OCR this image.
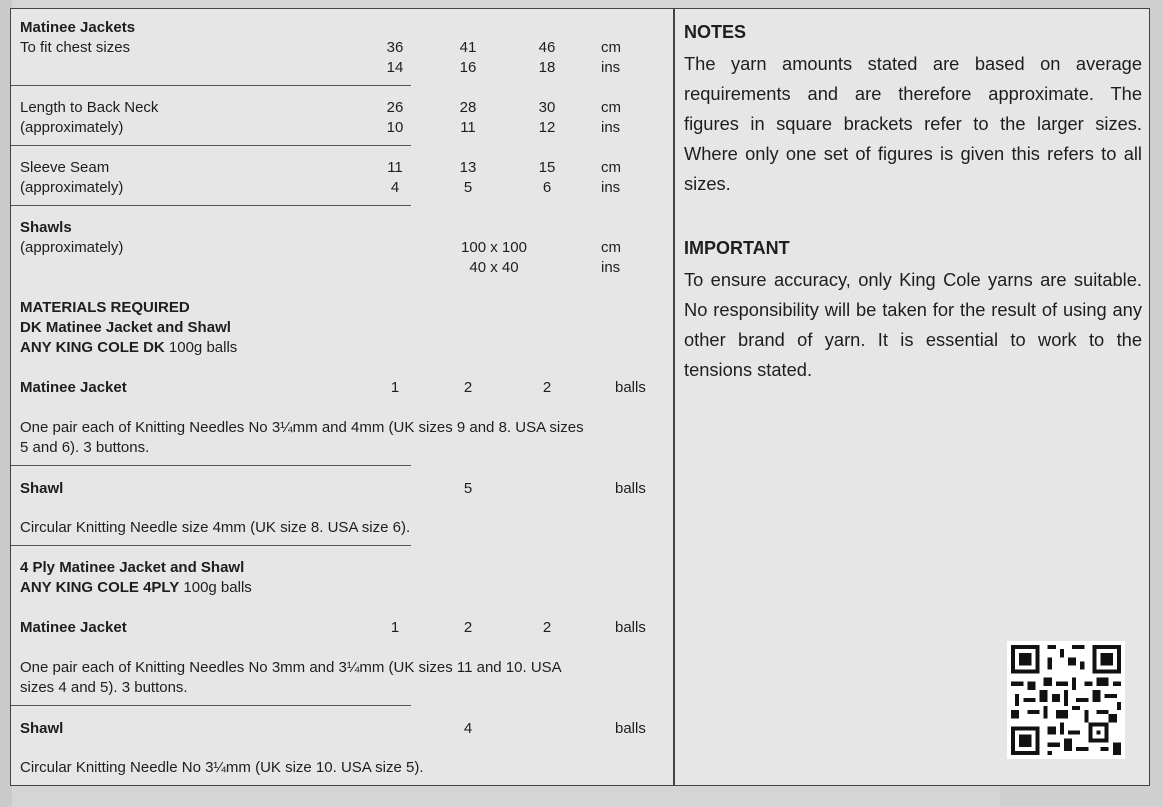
Matinee Jackets
To fit chest sizes	36	41	46	cm
14	16	18	ins
Length to Back Neck
(approximately)
26	28	30	cm
10	11	12	ins
Sleeve Seam
(approximately)
11	13	15	cm
4	5	6	ins
Shawls
(approximately)	100 x 100	cm
40 x 40	ins
MATERIALS REQUIRED
DK Matinee Jacket and Shawl
ANY KING COLE DK 100g balls
Matinee Jacket	1	2	2	balls
One pair each of Knitting Needles No 3¼mm and 4mm (UK sizes 9 and 8. USA sizes
5 and 6). 3 buttons.
Shawl	5	balls
Circular Knitting Needle size 4mm (UK size 8. USA size 6).
4 Ply Matinee Jacket and Shawl
ANY KING COLE 4PLY 100g balls
Matinee Jacket	1	2	2	balls
One pair each of Knitting Needles No 3mm and 3¼mm (UK sizes 11 and 10. USA
sizes 4 and 5). 3 buttons.
Shawl	4	balls
Circular Knitting Needle No 3¼mm (UK size 10. USA size 5).
NOTES
The yarn amounts stated are based on average requirements and are therefore approximate. The figures in square brackets refer to the larger sizes. Where only one set of figures is given this refers to all sizes.
IMPORTANT
To ensure accuracy, only King Cole yarns are suitable. No responsibility will be taken for the result of using any other brand of yarn. It is essential to work to the tensions stated.
